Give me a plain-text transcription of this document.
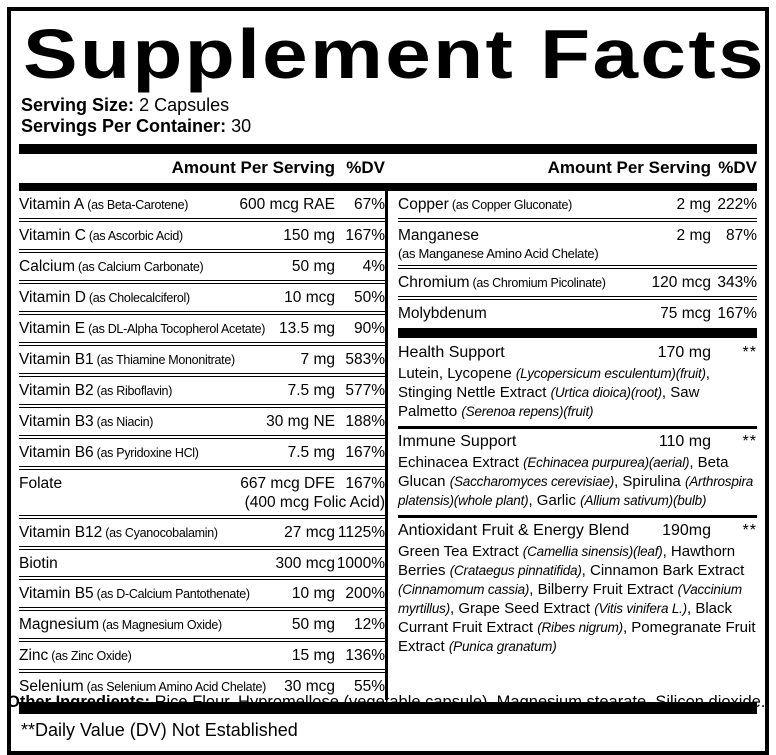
Supplement Facts

Serving Size: 2 Capsules

Servings Per Container: 30

Amount Per Serving %DV	Amount Per Serving %DV
Vitamin A (as Beta-Carotene)	600 mcg RAE	67%
Vitamin C (as Ascorbic Acid)	150 mg 167%
Calcium (as Calcium Carbonate)	50 mg	4%
Vitamin D (as Cholecalciferol)	10 mcg	50%
Vitamin E (as DL-Alpha Tocopherol Acetate) 13.5 mg	90%
Vitamin B1 (as Thiamine Mononitrate)	7 mg 583%
Vitamin B2 (as Riboflavin)	7.5 mg 577%
Vitamin B3 (as Niacin)	30 mg NE 188%
Vitamin B6 (as Pyridoxine HCl)	7.5 mg 167%
Folate	667 mcg DFE 167%
(400 mcg Folic Acid)
Vitamin B12 (as Cyanocobalamin)	27 mcg 1125%
Biotin	300 mcg 1000%
Vitamin B5 (as D-Calcium Pantothenate)	10 mg 200%
Magnesium (as Magnesium Oxide)	50 mg	12%
Zinc (as Zinc Oxide)	15 mg 136%
Selenium (as Selenium Amino Acid Chelate)	30 mcg	55%
Copper (as Copper Gluconate)	2 mg 222%
Manganese	2 mg 87%
(as Manganese Amino Acid Chelate)
Chromium (as Chromium Picolinate)	120 mcg 343%
Molybdenum	75 mcg 167%
Health Support	170 mg	**
Lutein, Lycopene (Lycopersicum esculentum)(fruit), Stinging Nettle Extract (Urtica dioica)(root), Saw Palmetto (Serenoa repens)(fruit)
Immune Support	110 mg	**
Echinacea Extract (Echinacea purpurea)(aerial), Beta Glucan (Saccharomyces cerevisiae), Spirulina (Arthrospira platensis)(whole plant), Garlic (Allium sativum)(bulb)
Antioxidant Fruit & Energy Blend	190mg	**
Green Tea Extract (Camellia sinensis)(leaf), Hawthorn Berries (Crataegus pinnatifida), Cinnamon Bark Extract (Cinnamomum cassia), Bilberry Fruit Extract (Vaccinium myrtillus), Grape Seed Extract (Vitis vinifera L.), Black Currant Fruit Extract (Ribes nigrum), Pomegranate Fruit Extract (Punica granatum)
**Daily Value (DV) Not Established

Other Ingredients: Rice Flour, Hypromellose (vegetable capsule), Magnesium stearate, Silicon dioxide.
